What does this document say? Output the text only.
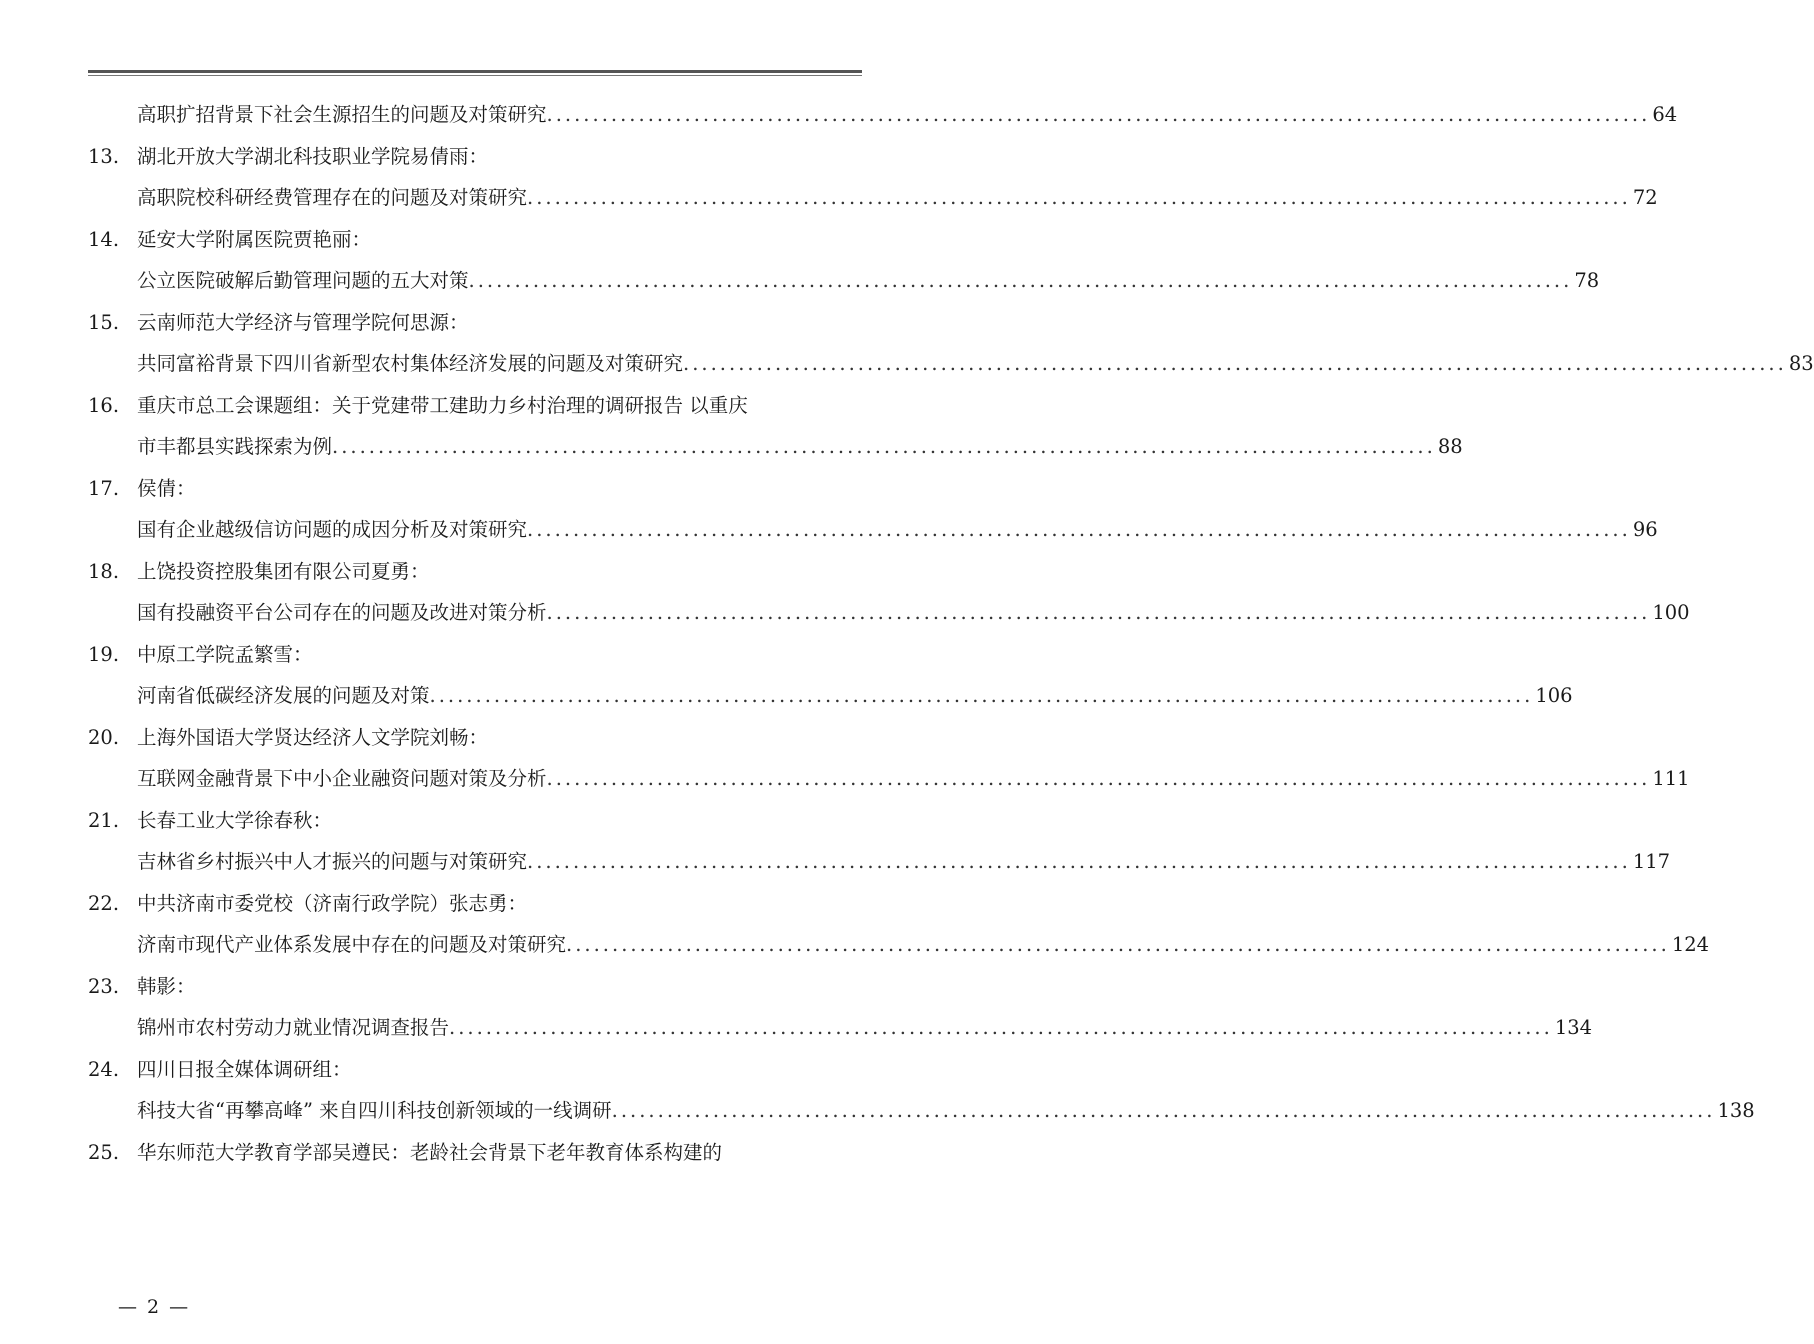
高职扩招背景下社会生源招生的问题及对策研究 ........................................................................................................................ 64
13. 湖北开放大学湖北科技职业学院易倩雨：
高职院校科研经费管理存在的问题及对策研究 ........................................................................................................................ 72
14. 延安大学附属医院贾艳丽：
公立医院破解后勤管理问题的五大对策 ........................................................................................................................ 78
15. 云南师范大学经济与管理学院何思源：
共同富裕背景下四川省新型农村集体经济发展的问题及对策研究 ........................................................................................................................ 83
16. 重庆市总工会课题组：关于党建带工建助力乡村治理的调研报告 以重庆
市丰都县实践探索为例 ........................................................................................................................ 88
17. 侯倩：
国有企业越级信访问题的成因分析及对策研究 ........................................................................................................................ 96
18. 上饶投资控股集团有限公司夏勇：
国有投融资平台公司存在的问题及改进对策分析 ........................................................................................................................ 100
19. 中原工学院孟繁雪：
河南省低碳经济发展的问题及对策 ........................................................................................................................ 106
20. 上海外国语大学贤达经济人文学院刘畅：
互联网金融背景下中小企业融资问题对策及分析 ........................................................................................................................ 111
21. 长春工业大学徐春秋：
吉林省乡村振兴中人才振兴的问题与对策研究 ........................................................................................................................ 117
22. 中共济南市委党校（济南行政学院）张志勇：
济南市现代产业体系发展中存在的问题及对策研究 ........................................................................................................................ 124
23. 韩影：
锦州市农村劳动力就业情况调查报告 ........................................................................................................................ 134
24. 四川日报全媒体调研组：
科技大省“再攀高峰” 来自四川科技创新领域的一线调研 ........................................................................................................................ 138
25. 华东师范大学教育学部吴遵民：老龄社会背景下老年教育体系构建的
— 2 —
